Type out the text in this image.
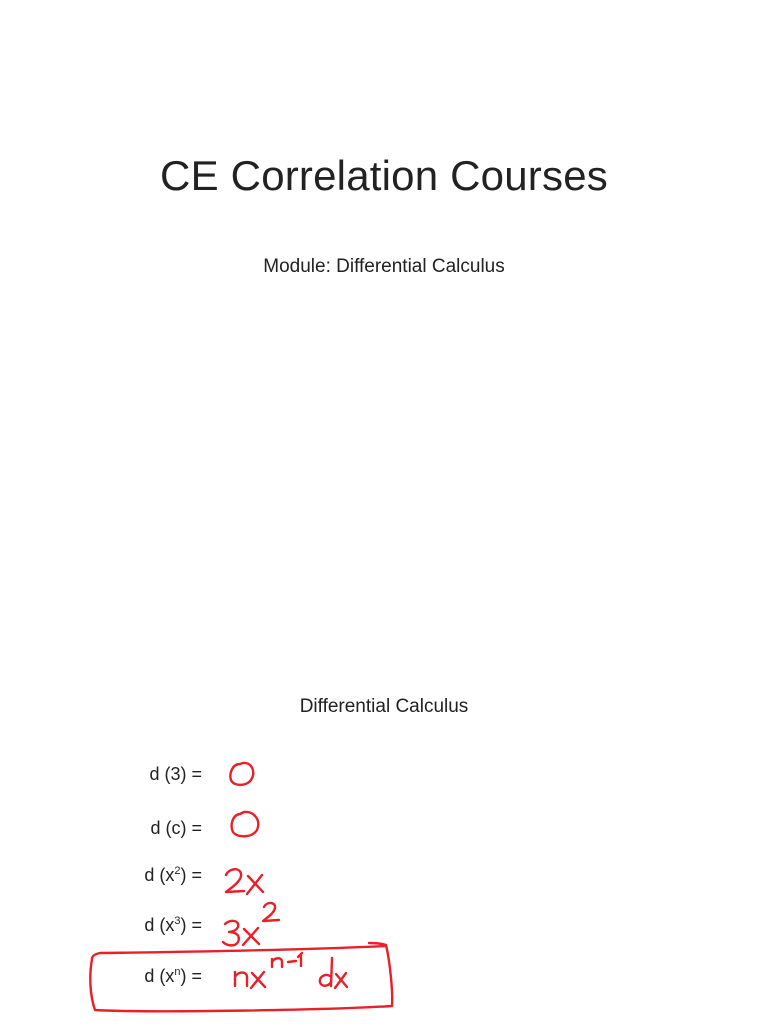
CE Correlation Courses
Module: Differential Calculus
Differential Calculus
d (3) =
d (c) =
d $(x^2)$ =
d $(x^3)$ =
d $(x^n)$ =
